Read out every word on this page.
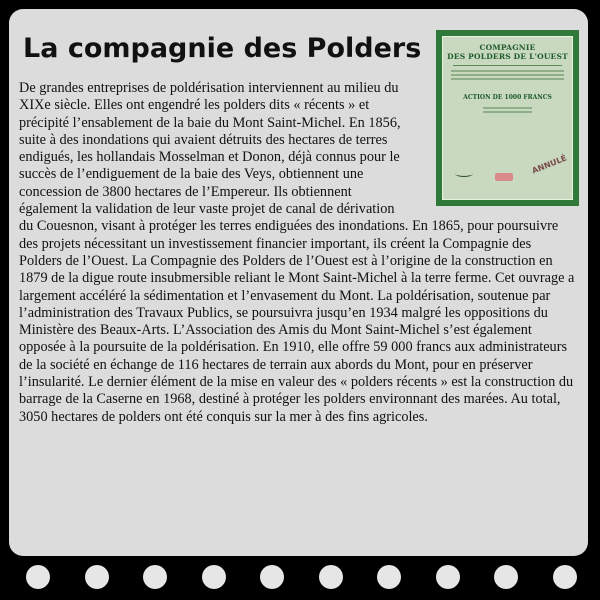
La compagnie des Polders	COMPAGNIE
DES POLDERS DE L'OUEST
ACTION DE 1000 FRANCS
ANNULÉ
De grandes entreprises de poldérisation interviennent au milieu du XIXe siècle. Elles ont engendré les polders dits « récents » et précipité l’ensablement de la baie du Mont Saint-Michel. En 1856, suite à des inondations qui avaient détruits des hectares de terres endigués, les hollandais Mosselman et Donon, déjà connus pour le succès de l’endiguement de la baie des Veys, obtiennent une concession de 3800 hectares de l’Empereur. Ils obtiennent également la validation de leur vaste projet de canal de dérivation du Couesnon, visant à protéger les terres endiguées des inondations. En 1865, pour poursuivre des projets nécessitant un investissement financier important, ils créent la Compagnie des Polders de l’Ouest. La Compagnie des Polders de l’Ouest est à l’origine de la construction en 1879 de la digue route insubmersible reliant le Mont Saint-Michel à la terre ferme. Cet ouvrage a largement accéléré la sédimentation et l’envasement du Mont. La poldérisation, soutenue par l’administration des Travaux Publics, se poursuivra jusqu’en 1934 malgré les oppositions du Ministère des Beaux-Arts. L’Association des Amis du Mont Saint-Michel s’est également opposée à la poursuite de la poldérisation. En 1910, elle offre 59 000 francs aux administrateurs de la société en échange de 116 hectares de terrain aux abords du Mont, pour en préserver l’insularité. Le dernier élément de la mise en valeur des « polders récents » est la construction du barrage de la Caserne en 1968, destiné à protéger les polders environnant des marées. Au total, 3050 hectares de polders ont été conquis sur la mer à des fins agricoles.
